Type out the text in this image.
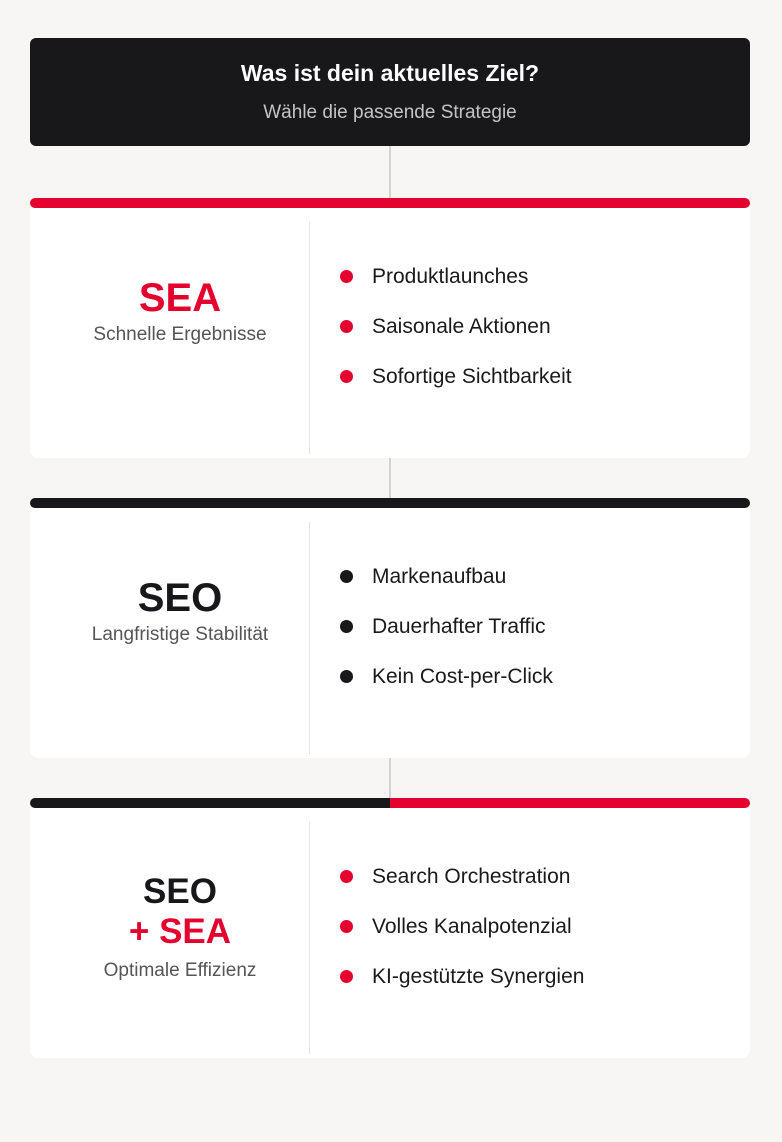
Was ist dein aktuelles Ziel?
Wähle die passende Strategie
SEA
Schnelle Ergebnisse
Produktlaunches
Saisonale Aktionen
Sofortige Sichtbarkeit
SEO
Langfristige Stabilität
Markenaufbau
Dauerhafter Traffic
Kein Cost-per-Click
SEO
+ SEA
Optimale Effizienz
Search Orchestration
Volles Kanalpotenzial
KI-gestützte Synergien
